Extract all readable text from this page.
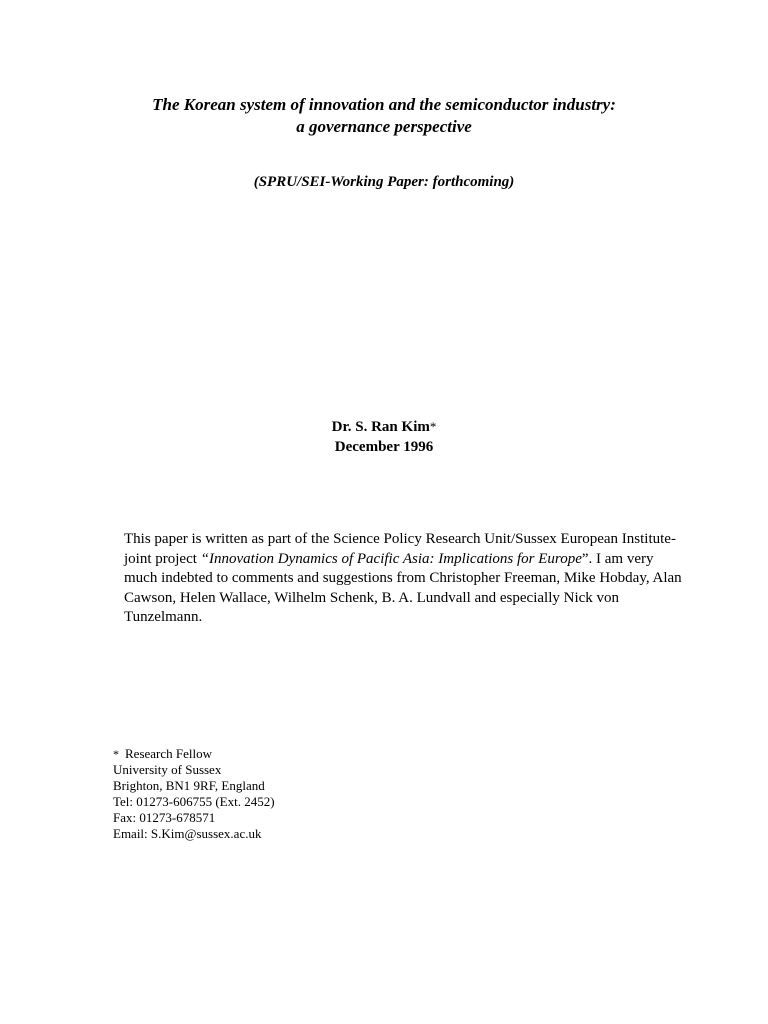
The Korean system of innovation and the semiconductor industry:
a governance perspective
(SPRU/SEI-Working Paper: forthcoming)
Dr. S. Ran Kim*
December 1996

This paper is written as part of the Science Policy Research Unit/Sussex European Institute-joint project “Innovation Dynamics of Pacific Asia: Implications for Europe”. I am very much indebted to comments and suggestions from Christopher Freeman, Mike Hobday, Alan Cawson, Helen Wallace, Wilhelm Schenk, B. A. Lundvall and especially Nick von Tunzelmann.

* Research Fellow
University of Sussex
Brighton, BN1 9RF, England
Tel: 01273-606755 (Ext. 2452)
Fax: 01273-678571
Email: S.Kim@sussex.ac.uk
